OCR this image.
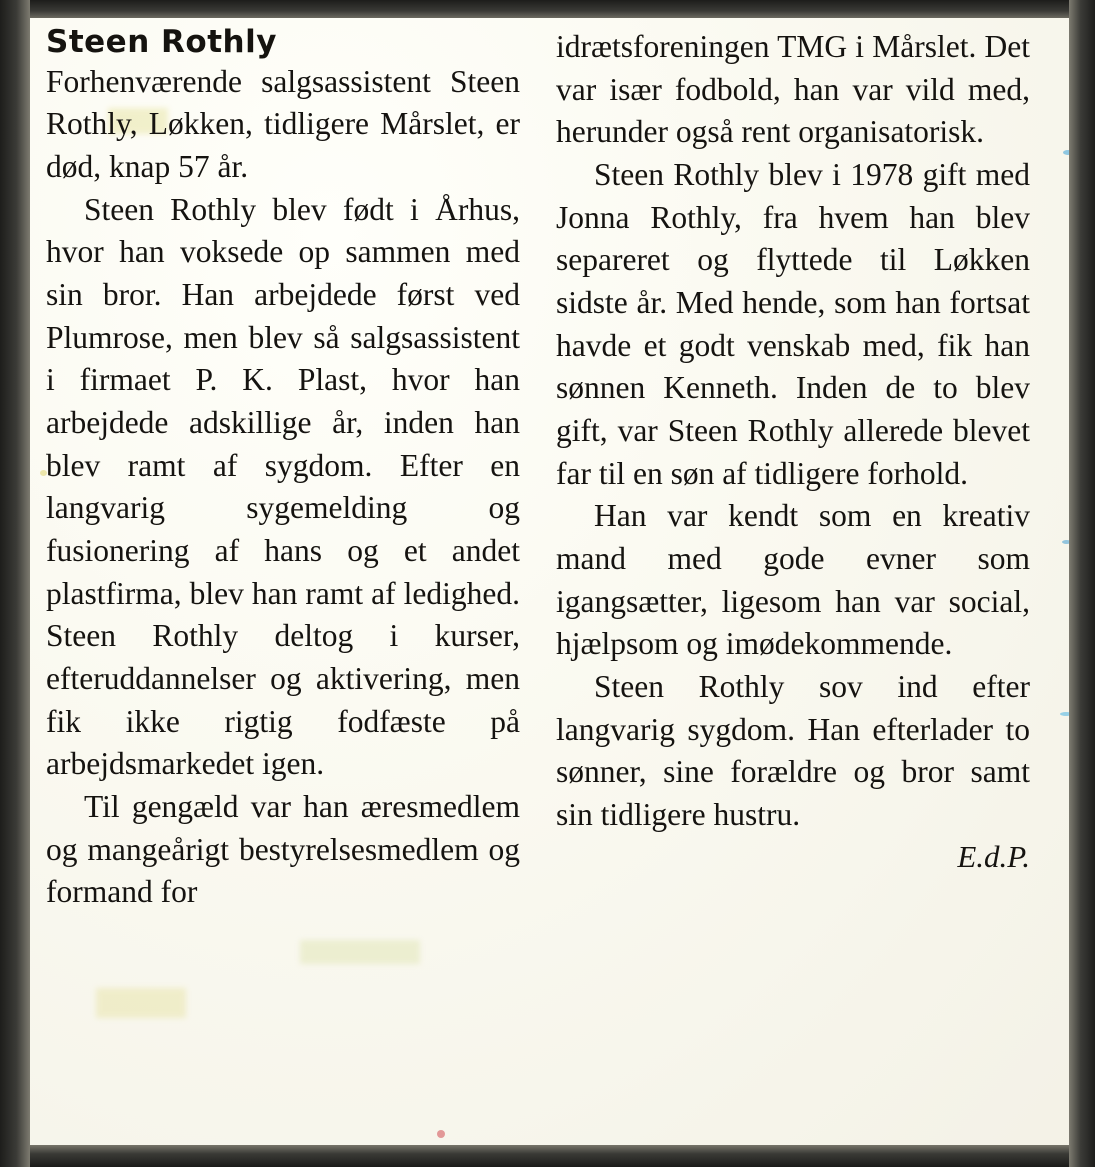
Steen Rothly

Forhenværende salgsassistent Steen Rothly, Løkken, tidligere Mårslet, er død, knap 57 år.

Steen Rothly blev født i Århus, hvor han voksede op sammen med sin bror. Han arbejdede først ved Plumrose, men blev så salgsassistent i firmaet P. K. Plast, hvor han arbejdede adskillige år, inden han blev ramt af sygdom. Efter en langvarig sygemelding og fusionering af hans og et andet plastfirma, blev han ramt af ledighed. Steen Rothly deltog i kurser, efteruddannelser og aktivering, men fik ikke rigtig fodfæste på arbejdsmarkedet igen.

Til gengæld var han æresmedlem og mangeårigt bestyrelsesmedlem og formand for

idrætsforeningen TMG i Mårslet. Det var især fodbold, han var vild med, herunder også rent organisatorisk.

Steen Rothly blev i 1978 gift med Jonna Rothly, fra hvem han blev separeret og flyttede til Løkken sidste år. Med hende, som han fortsat havde et godt venskab med, fik han sønnen Kenneth. Inden de to blev gift, var Steen Rothly allerede blevet far til en søn af tidligere forhold.

Han var kendt som en kreativ mand med gode evner som igangsætter, ligesom han var social, hjælpsom og imødekommende.

Steen Rothly sov ind efter langvarig sygdom. Han efterlader to sønner, sine forældre og bror samt sin tidligere hustru.

E.d.P.
